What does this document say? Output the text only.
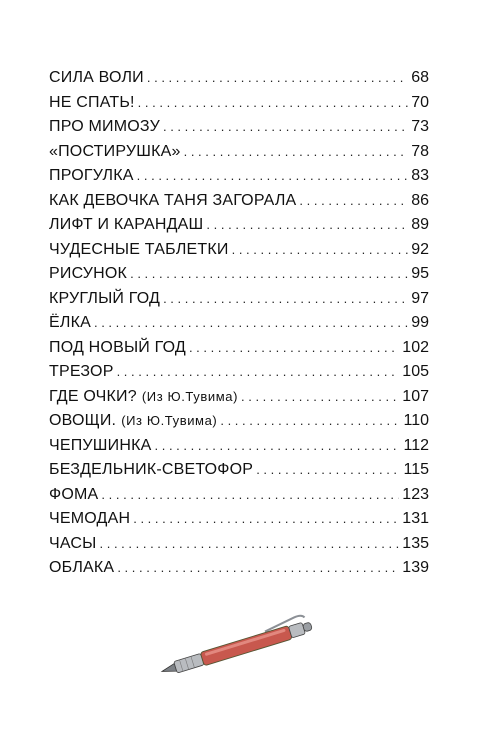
СИЛА ВОЛИ . . .	68
НЕ СПАТЬ! . . .	70
ПРО МИМОЗУ . . .	73
«ПОСТИРУШКА» . . .	78
ПРОГУЛКА . . .	83
КАК ДЕВОЧКА ТАНЯ ЗАГОРАЛА . . .	86
ЛИФТ И КАРАНДАШ . . .	89
ЧУДЕСНЫЕ ТАБЛЕТКИ . . .	92
РИСУНОК . . .	95
КРУГЛЫЙ ГОД . . .	97
ЁЛКА . . .	99
ПОД НОВЫЙ ГОД . . .	102
ТРЕЗОР . . .	105
ГДЕ ОЧКИ? (Из Ю.Тувима) . . .	107
ОВОЩИ. (Из Ю.Тувима) . . .	110
ЧЕПУШИНКА . . .	112
БЕЗДЕЛЬНИК-СВЕТОФОР . . .	115
ФОМА . . .	123
ЧЕМОДАН . . .	131
ЧАСЫ . . .	135
ОБЛАКА . . .	139
